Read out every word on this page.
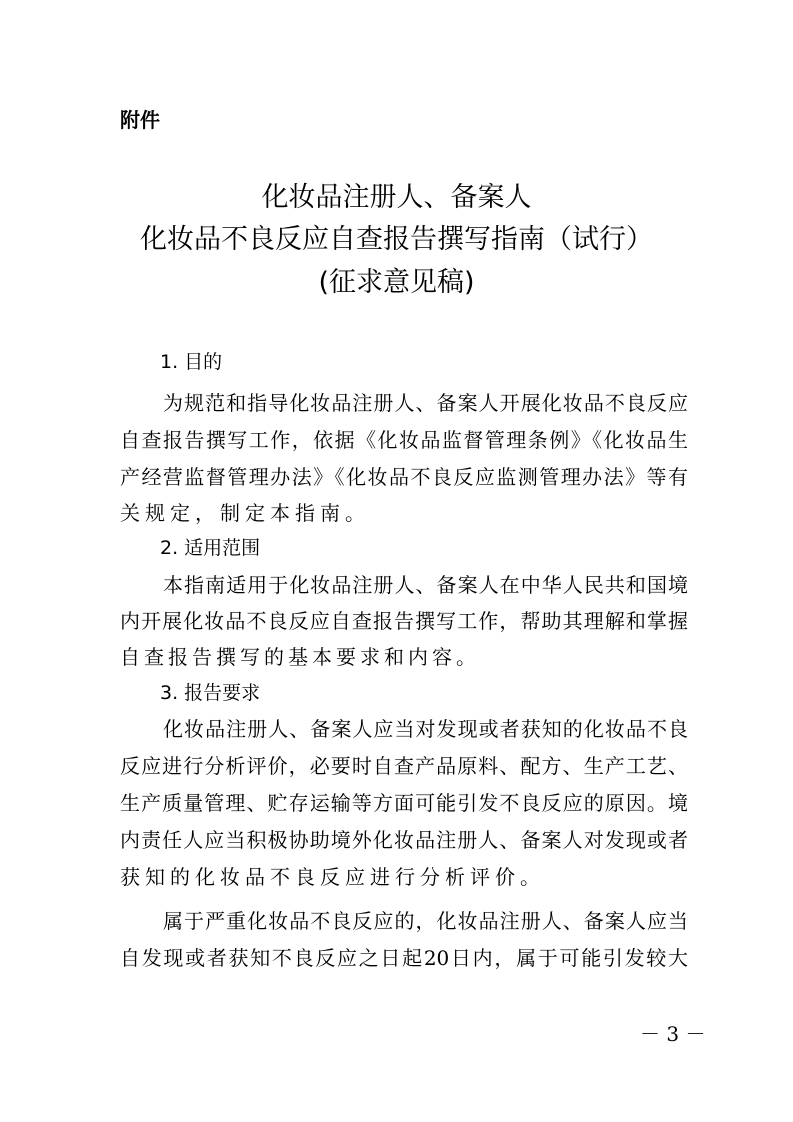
附件
化妆品注册人、备案人
化妆品不良反应自查报告撰写指南（试行）
(征求意见稿)
1. 目的
为规范和指导化妆品注册人、备案人开展化妆品不良反应
自查报告撰写工作，依据《化妆品监督管理条例》《化妆品生
产经营监督管理办法》《化妆品不良反应监测管理办法》等有
关规定，制定本指南。
2. 适用范围
本指南适用于化妆品注册人、备案人在中华人民共和国境
内开展化妆品不良反应自查报告撰写工作，帮助其理解和掌握
自查报告撰写的基本要求和内容。
3. 报告要求
化妆品注册人、备案人应当对发现或者获知的化妆品不良
反应进行分析评价，必要时自查产品原料、配方、生产工艺、
生产质量管理、贮存运输等方面可能引发不良反应的原因。境
内责任人应当积极协助境外化妆品注册人、备案人对发现或者
获知的化妆品不良反应进行分析评价。
属于严重化妆品不良反应的，化妆品注册人、备案人应当
自发现或者获知不良反应之日起20日内，属于可能引发较大
－ 3 －
